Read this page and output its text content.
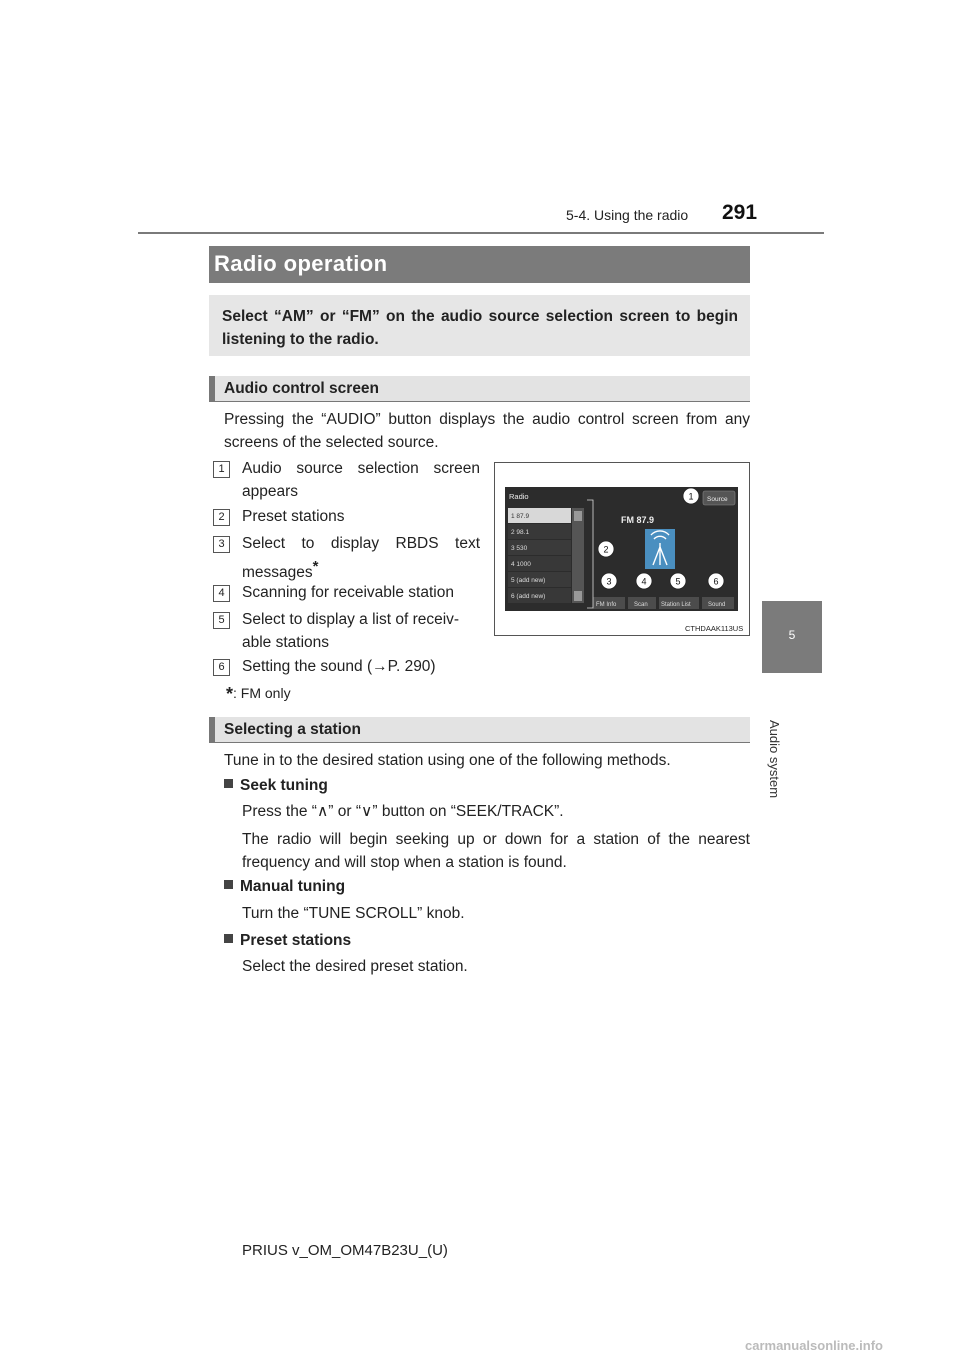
5-4. Using the radio 291
5
Audio system
Radio operation
Select “AM” or “FM” on the audio source selection screen to begin listening to the radio.
Audio control screen
Pressing the “AUDIO” button displays the audio control screen from any screens of the selected source.
1	Audio source selection screen appears
2	Preset stations
3	Select to display RBDS text messages*
4	Scanning for receivable station
5	Select to display a list of receiv-able stations
6	Setting the sound (→P. 290)
*: FM only
Radio	Source
1 87.9
2 98.1
3 530
4 1000
5 (add new)
6 (add new)
FM 87.9
FM Info	Scan Station List	Sound
1
2
3	4	5	6
CTHDAAK113US
Selecting a station
Tune in to the desired station using one of the following methods.
Seek tuning
Press the “∧” or “∨” button on “SEEK/TRACK”.
The radio will begin seeking up or down for a station of the nearest frequency and will stop when a station is found.
Manual tuning
Turn the “TUNE SCROLL” knob.
Preset stations
Select the desired preset station.
PRIUS v_OM_OM47B23U_(U)
carmanualsonline.info
